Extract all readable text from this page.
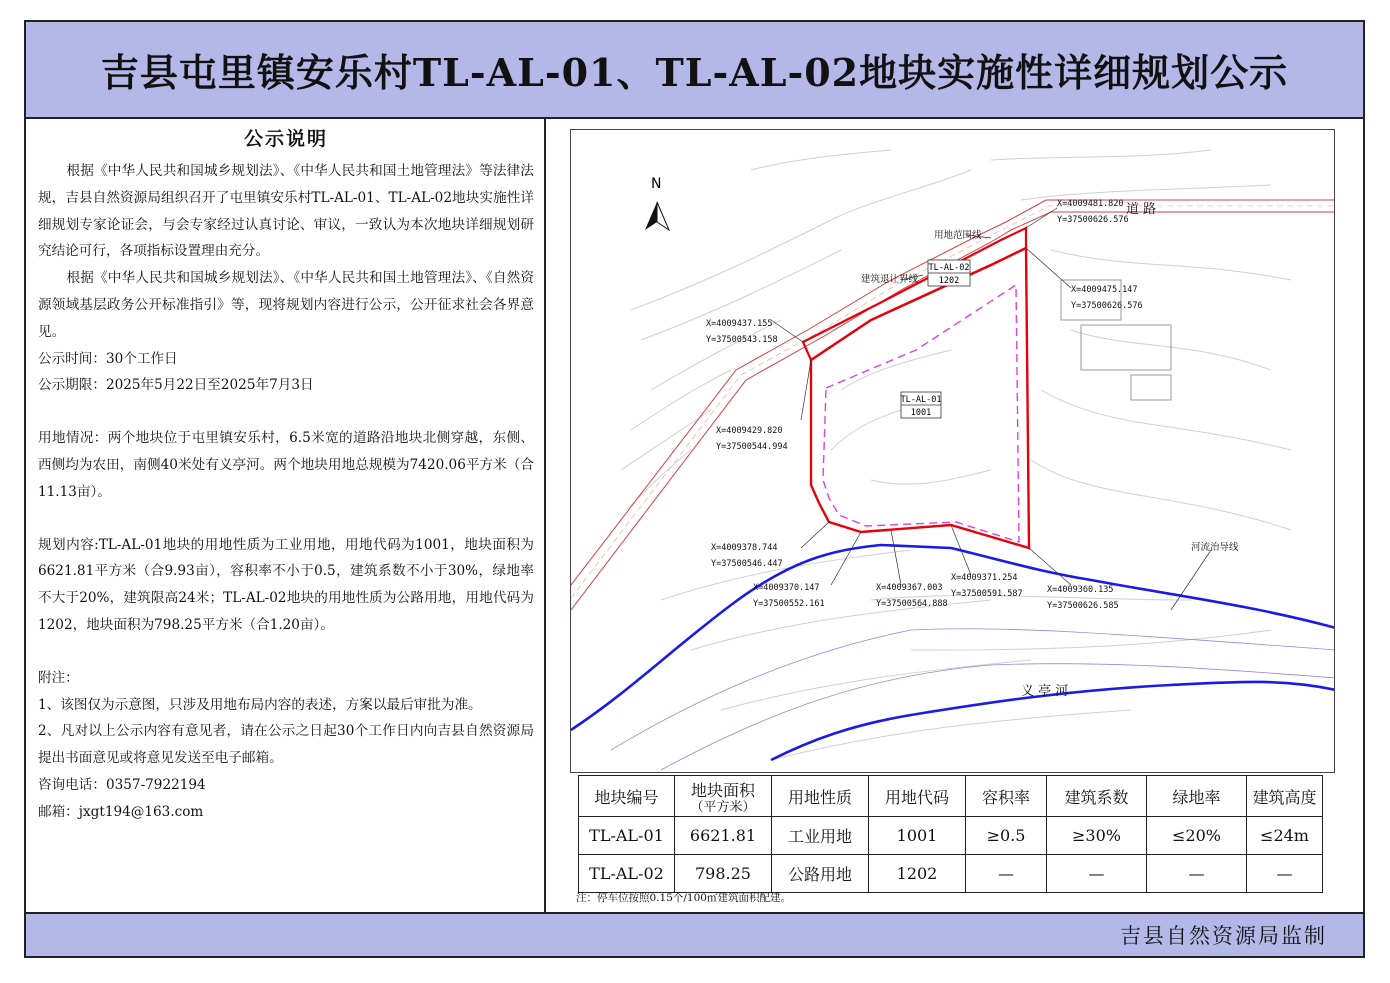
吉县屯里镇安乐村TL-AL-01、TL-AL-02地块实施性详细规划公示
公示说明

根据《中华人民共和国城乡规划法》、《中华人民共和国土地管理法》等法律法规，吉县自然资源局组织召开了屯里镇安乐村TL-AL-01、TL-AL-02地块实施性详细规划专家论证会，与会专家经过认真讨论、审议，一致认为本次地块详细规划研究结论可行，各项指标设置理由充分。

根据《中华人民共和国城乡规划法》、《中华人民共和国土地管理法》、《自然资源领域基层政务公开标准指引》等，现将规划内容进行公示，公开征求社会各界意见。

公示时间：30个工作日

公示期限：2025年5月22日至2025年7月3日

用地情况：两个地块位于屯里镇安乐村，6.5米宽的道路沿地块北侧穿越，东侧、西侧均为农田，南侧40米处有义亭河。两个地块用地总规模为7420.06平方米（合11.13亩）。

规划内容:TL-AL-01地块的用地性质为工业用地，用地代码为1001，地块面积为6621.81平方米（合9.93亩），容积率不小于0.5，建筑系数不小于30%，绿地率不大于20%，建筑限高24米；TL-AL-02地块的用地性质为公路用地，用地代码为1202，地块面积为798.25平方米（合1.20亩）。

附注：

1、该图仅为示意图，只涉及用地布局内容的表述，方案以最后审批为准。

2、凡对以上公示内容有意见者，请在公示之日起30个工作日内向吉县自然资源局提出书面意见或将意见发送至电子邮箱。

咨询电话：0357-7922194

邮箱：jxgt194@163.com

N
TL-AL-01
1001
TL-AL-02
1202
道 路
义 亭 河
用地范围线
建筑退让界线
河流治导线
X=4009481.820
Y=37500626.576
X=4009475.147
Y=37500626.576
X=4009437.155
Y=37500543.158
X=4009429.820
Y=37500544.994
X=4009378.744
Y=37500546.447
X=4009370.147
Y=37500552.161
X=4009367.003
Y=37500564.888
X=4009371.254
Y=37500591.587	X=4009360.135
Y=37500626.585
地块编号	地块面积
（平方米）	用地性质	用地代码	容积率	建筑系数	绿地率	建筑高度
TL-AL-01	6621.81	工业用地	1001	≥0.5	≥30%	≤20%	≤24m
TL-AL-02	798.25	公路用地	1202	—	—	—	—
注：停车位按照0.15个/100㎡建筑面积配建。
吉县自然资源局监制
